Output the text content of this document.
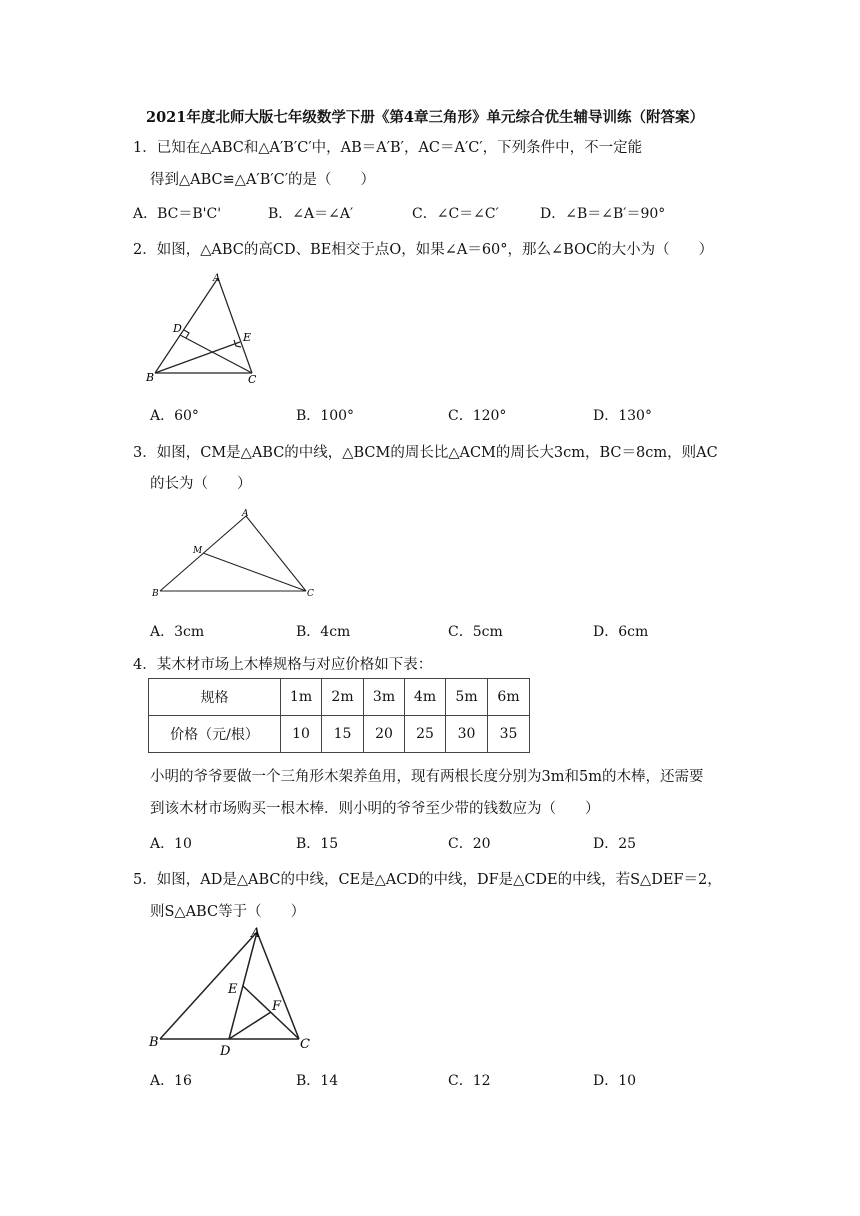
2021年度北师大版七年级数学下册《第4章三角形》单元综合优生辅导训练（附答案）
1．已知在△ABC和△A′B′C′中，AB＝A′B′，AC＝A′C′，下列条件中，不一定能
得到△ABC≌△A′B′C′的是（　　）
A．BC＝B'C'	B．∠A＝∠A′	C．∠C＝∠C′	D．∠B＝∠B′＝90°
2．如图，△ABC的高CD、BE相交于点O，如果∠A＝60°，那么∠BOC的大小为（　　）
A
D
E
B	C
A．60°	B．100°	C．120°	D．130°
3．如图，CM是△ABC的中线，△BCM的周长比△ACM的周长大3cm，BC＝8cm，则AC
的长为（　　）
A
M
B	C
A．3cm	B．4cm	C．5cm	D．6cm
4．某木材市场上木棒规格与对应价格如下表：
规格	1m	2m	3m	4m	5m	6m
价格（元/根）	10	15	20	25	30	35
小明的爷爷要做一个三角形木架养鱼用，现有两根长度分别为3m和5m的木棒，还需要
到该木材市场购买一根木棒．则小明的爷爷至少带的钱数应为（　　）
A．10	B．15	C．20	D．25
5．如图，AD是△ABC的中线，CE是△ACD的中线，DF是△CDE的中线，若S△DEF＝2，
则S△ABC等于（　　）
A
E
F
B
D	C
A．16	B．14	C．12	D．10
